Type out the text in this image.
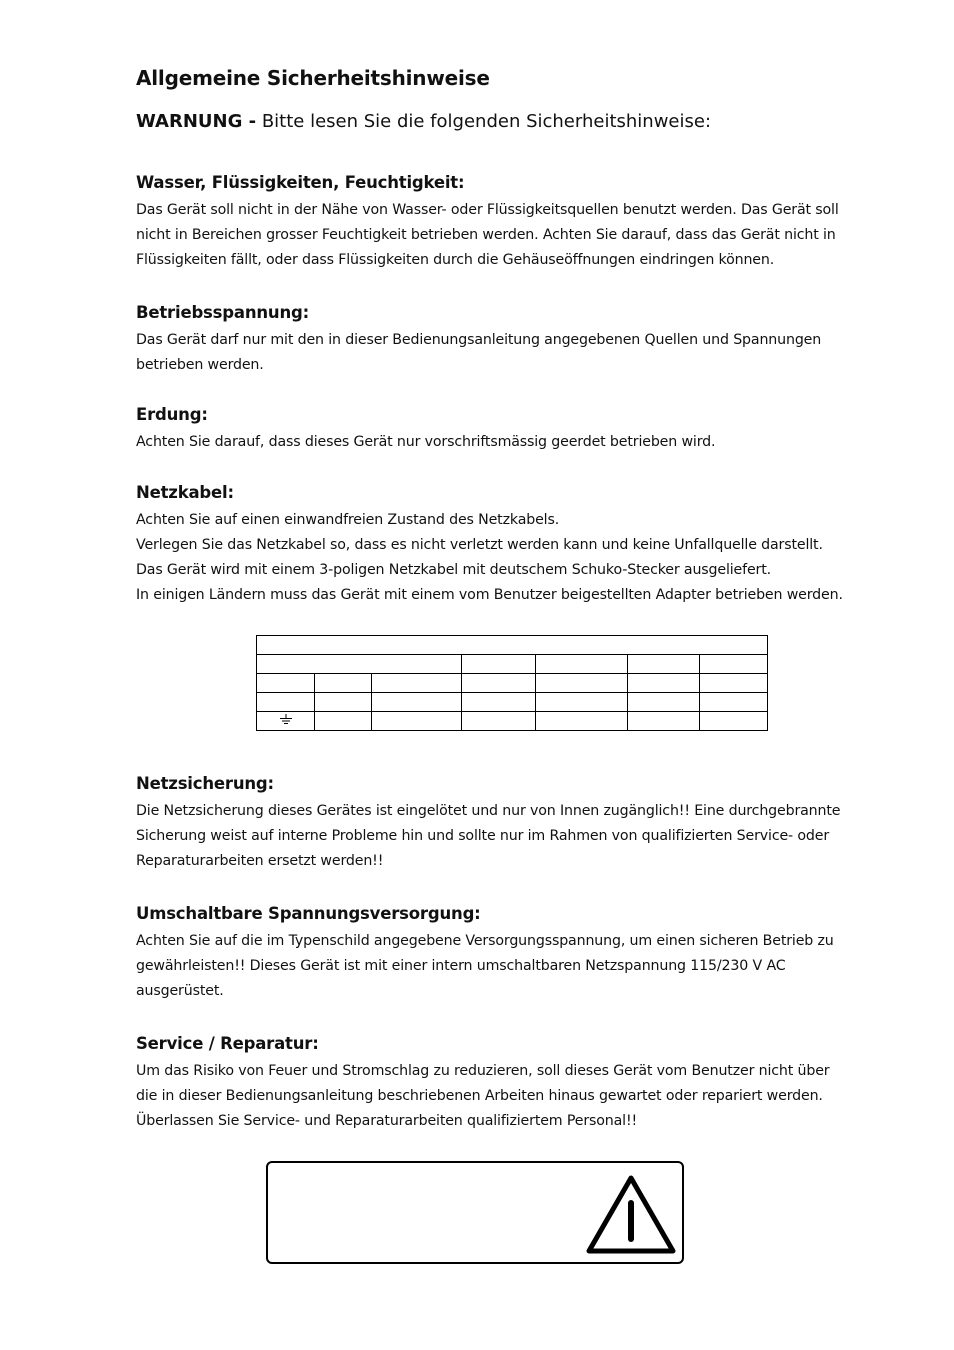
Allgemeine Sicherheitshinweise

WARNUNG - Bitte lesen Sie die folgenden Sicherheitshinweise:

Wasser, Flüssigkeiten, Feuchtigkeit:
Das Gerät soll nicht in der Nähe von Wasser- oder Flüssigkeitsquellen benutzt werden. Das Gerät soll
nicht in Bereichen grosser Feuchtigkeit betrieben werden. Achten Sie darauf, dass das Gerät nicht in
Flüssigkeiten fällt, oder dass Flüssigkeiten durch die Gehäuseöffnungen eindringen können.
Betriebsspannung:
Das Gerät darf nur mit den in dieser Bedienungsanleitung angegebenen Quellen und Spannungen
betrieben werden.
Erdung:
Achten Sie darauf, dass dieses Gerät nur vorschriftsmässig geerdet betrieben wird.
Netzkabel:
Achten Sie auf einen einwandfreien Zustand des Netzkabels.
Verlegen Sie das Netzkabel so, dass es nicht verletzt werden kann und keine Unfallquelle darstellt.
Das Gerät wird mit einem 3-poligen Netzkabel mit deutschem Schuko-Stecker ausgeliefert.
In einigen Ländern muss das Gerät mit einem vom Benutzer beigestellten Adapter betrieben werden.

Netzsicherung:
Die Netzsicherung dieses Gerätes ist eingelötet und nur von Innen zugänglich!! Eine durchgebrannte
Sicherung weist auf interne Probleme hin und sollte nur im Rahmen von qualifizierten Service- oder
Reparaturarbeiten ersetzt werden!!
Umschaltbare Spannungsversorgung:
Achten Sie auf die im Typenschild angegebene Versorgungsspannung, um einen sicheren Betrieb zu
gewährleisten!! Dieses Gerät ist mit einer intern umschaltbaren Netzspannung 115/230 V AC
ausgerüstet.
Service / Reparatur:
Um das Risiko von Feuer und Stromschlag zu reduzieren, soll dieses Gerät vom Benutzer nicht über
die in dieser Bedienungsanleitung beschriebenen Arbeiten hinaus gewartet oder repariert werden.
Überlassen Sie Service- und Reparaturarbeiten qualifiziertem Personal!!
